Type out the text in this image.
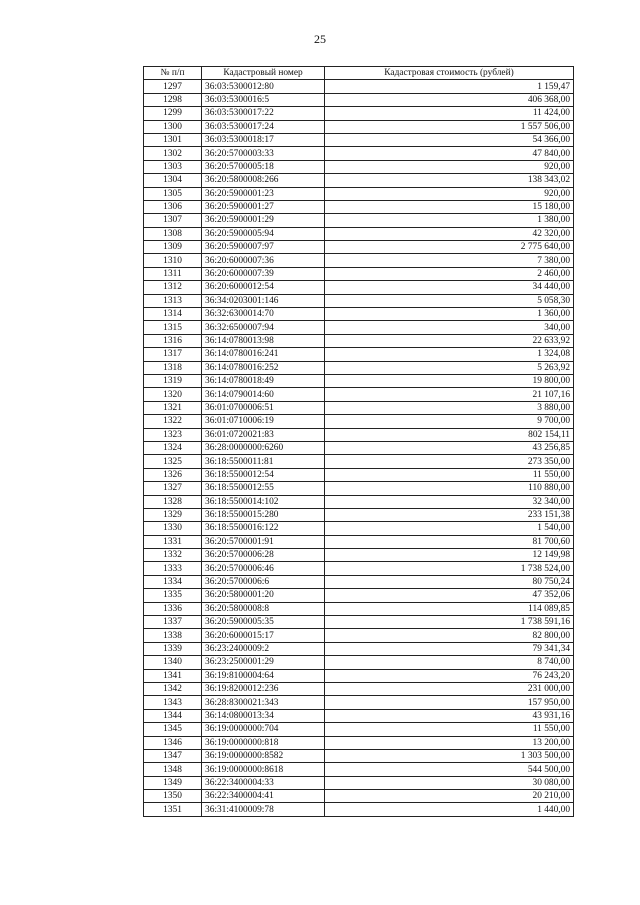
25
№ п/п	Кадастровый номер	Кадастровая стоимость (рублей)
1297	36:03:5300012:80	1 159,47
1298	36:03:5300016:5	406 368,00
1299	36:03:5300017:22	11 424,00
1300	36:03:5300017:24	1 557 506,00
1301	36:03:5300018:17	54 366,00
1302	36:20:5700003:33	47 840,00
1303	36:20:5700005:18	920,00
1304	36:20:5800008:266	138 343,02
1305	36:20:5900001:23	920,00
1306	36:20:5900001:27	15 180,00
1307	36:20:5900001:29	1 380,00
1308	36:20:5900005:94	42 320,00
1309	36:20:5900007:97	2 775 640,00
1310	36:20:6000007:36	7 380,00
1311	36:20:6000007:39	2 460,00
1312	36:20:6000012:54	34 440,00
1313	36:34:0203001:146	5 058,30
1314	36:32:6300014:70	1 360,00
1315	36:32:6500007:94	340,00
1316	36:14:0780013:98	22 633,92
1317	36:14:0780016:241	1 324,08
1318	36:14:0780016:252	5 263,92
1319	36:14:0780018:49	19 800,00
1320	36:14:0790014:60	21 107,16
1321	36:01:0700006:51	3 880,00
1322	36:01:0710006:19	9 700,00
1323	36:01:0720021:83	802 154,11
1324	36:28:0000000:6260	43 256,85
1325	36:18:5500011:81	273 350,00
1326	36:18:5500012:54	11 550,00
1327	36:18:5500012:55	110 880,00
1328	36:18:5500014:102	32 340,00
1329	36:18:5500015:280	233 151,38
1330	36:18:5500016:122	1 540,00
1331	36:20:5700001:91	81 700,60
1332	36:20:5700006:28	12 149,98
1333	36:20:5700006:46	1 738 524,00
1334	36:20:5700006:6	80 750,24
1335	36:20:5800001:20	47 352,06
1336	36:20:5800008:8	114 089,85
1337	36:20:5900005:35	1 738 591,16
1338	36:20:6000015:17	82 800,00
1339	36:23:2400009:2	79 341,34
1340	36:23:2500001:29	8 740,00
1341	36:19:8100004:64	76 243,20
1342	36:19:8200012:236	231 000,00
1343	36:28:8300021:343	157 950,00
1344	36:14:0800013:34	43 931,16
1345	36:19:0000000:704	11 550,00
1346	36:19:0000000:818	13 200,00
1347	36:19:0000000:8582	1 303 500,00
1348	36:19:0000000:8618	544 500,00
1349	36:22:3400004:33	30 080,00
1350	36:22:3400004:41	20 210,00
1351	36:31:4100009:78	1 440,00
